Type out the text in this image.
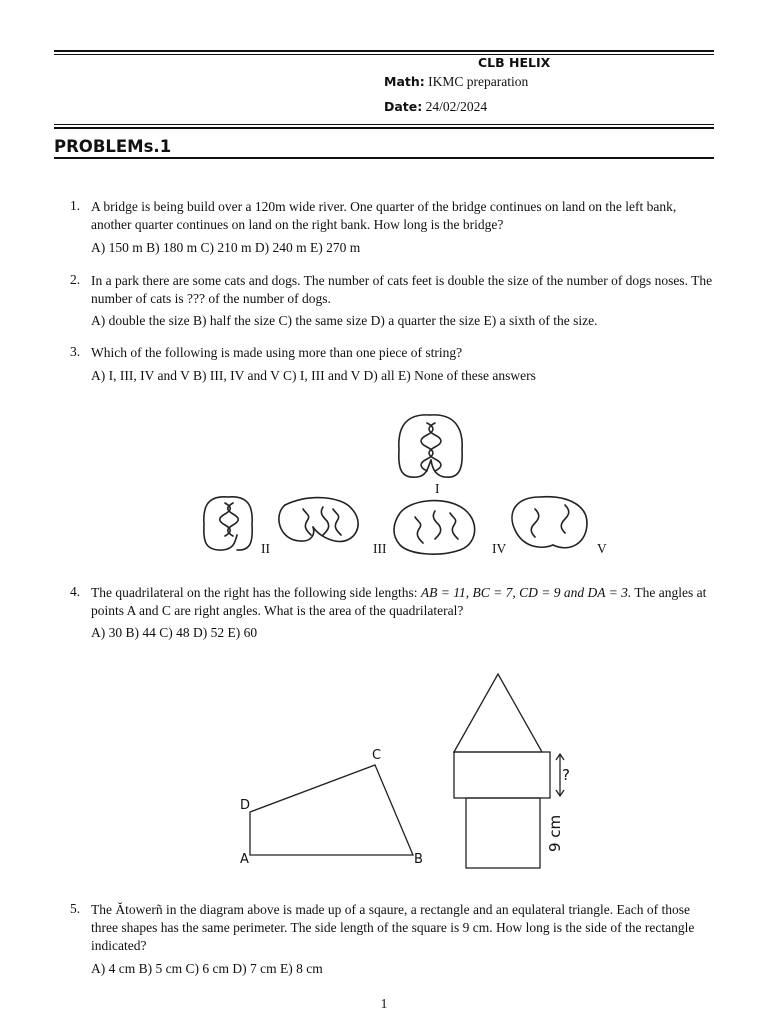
CLB HELIX
Math: IKMC preparation
Date: 24/02/2024
PROBLEMs.1
1. A bridge is being build over a 120m wide river. One quarter of the bridge continues on land on the left bank, another quarter continues on land on the right bank. How long is the bridge?
A) 150 m B) 180 m C) 210 m D) 240 m E) 270 m
2. In a park there are some cats and dogs. The number of cats feet is double the size of the number of dogs noses. The number of cats is ??? of the number of dogs.
A) double the size B) half the size C) the same size D) a quarter the size E) a sixth of the size.
3. Which of the following is made using more than one piece of string?
A) I, III, IV and V B) III, IV and V C) I, III and V D) all E) None of these answers
I
II	III	IV	V
4. The quadrilateral on the right has the following side lengths: AB = 11, BC = 7, CD = 9 and DA = 3. The angles at points A and C are right angles. What is the area of the quadrilateral?
A) 30 B) 44 C) 48 D) 52 E) 60
C
D
A	B
?
9 cm
5. The Ătowerñ in the diagram above is made up of a sqaure, a rectangle and an equlateral triangle. Each of those three shapes has the same perimeter. The side length of the square is 9 cm. How long is the side of the rectangle indicated?
A) 4 cm B) 5 cm C) 6 cm D) 7 cm E) 8 cm
1
